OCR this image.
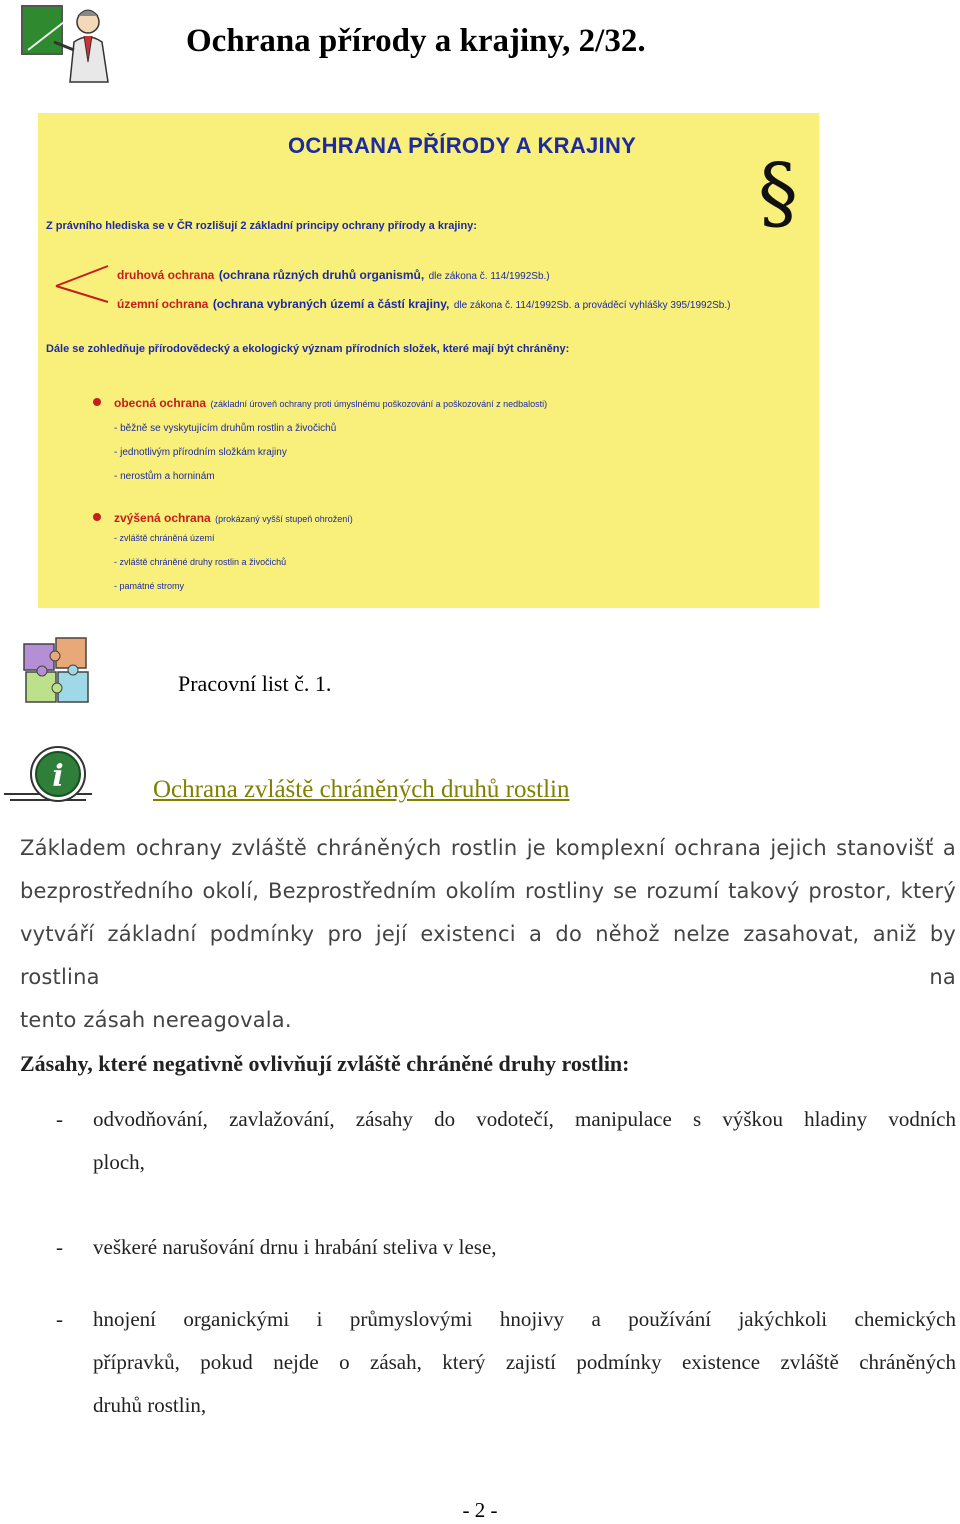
Ochrana přírody a krajiny, 2/32.
OCHRANA PŘÍRODY A KRAJINY
§
Z právního hlediska se v ČR rozlišují 2 základní principy ochrany přírody a krajiny:
druhová ochrana (ochrana různých druhů organismů, dle zákona č. 114/1992Sb.)
územní ochrana (ochrana vybraných území a částí krajiny, dle zákona č. 114/1992Sb. a prováděcí vyhlášky 395/1992Sb.)
Dále se zohledňuje přírodovědecký a ekologický význam přírodních složek, které mají být chráněny:
obecná ochrana (základní úroveň ochrany proti úmyslnému poškozování a poškozování z nedbalosti)
- běžně se vyskytujícím druhům rostlin a živočichů
- jednotlivým přírodním složkám krajiny
- nerostům a horninám
zvýšená ochrana (prokázaný vyšší stupeň ohrožení)
- zvláště chráněná území
- zvláště chráněné druhy rostlin a živočichů
- památné stromy
Pracovní list č. 1.
i	Ochrana zvláště chráněných druhů rostlin
Základem ochrany zvláště chráněných rostlin je komplexní ochrana jejich stanovišť a
bezprostředního okolí, Bezprostředním okolím rostliny se rozumí takový prostor, který
vytváří základní podmínky pro její existenci a do něhož nelze zasahovat, aniž by rostlina na
tento zásah nereagovala.
Zásahy, které negativně ovlivňují zvláště chráněné druhy rostlin:
- odvodňování, zavlažování, zásahy do vodotečí, manipulace s výškou hladiny vodních
ploch,
- veškeré narušování drnu i hrabání steliva v lese,
- hnojení organickými i průmyslovými hnojivy a používání jakýchkoli chemických
přípravků, pokud nejde o zásah, který zajistí podmínky existence zvláště chráněných
druhů rostlin,
- 2 -
